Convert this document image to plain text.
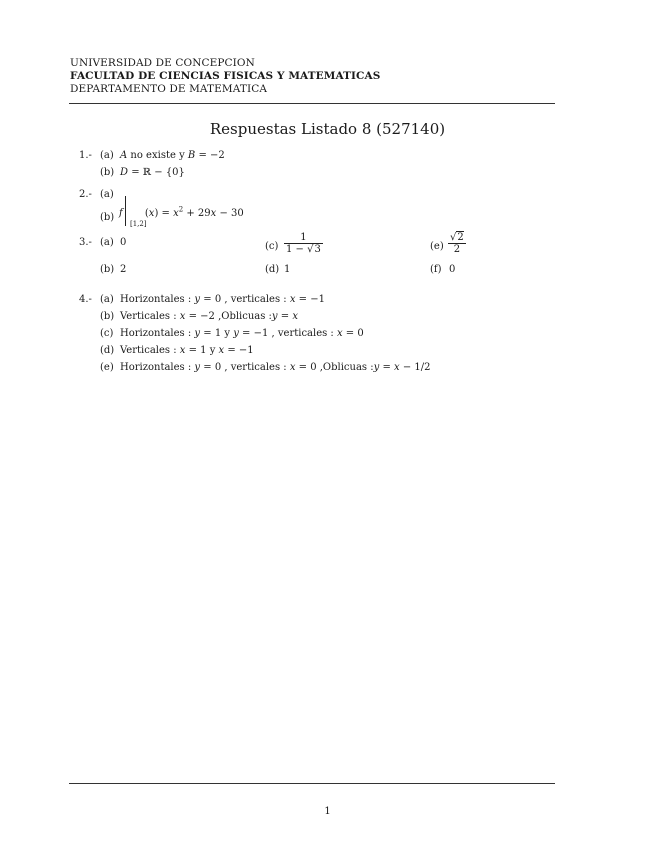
UNIVERSIDAD DE CONCEPCION
FACULTAD DE CIENCIAS FISICAS Y MATEMATICAS
DEPARTAMENTO DE MATEMATICA
Respuestas Listado 8 (527140)
1.- (a) A no existe y B = −2
(b) D = ℝ − {0}
2.- (a)
(b) f
[1,2]
$(x) = x^2 + 29x - 30$
3.- (a) 0	$(c) \frac{1}{1 - √3}$	$(e) \frac{√2}{2}$
(b) 2	(d) 1	(f) 0
4.- (a) Horizontales : y = 0 , verticales : x = −1
(b) Verticales : x = −2 ,Oblicuas :y = x
(c) Horizontales : y = 1 y y = −1 , verticales : x = 0
(d) Verticales : x = 1 y x = −1
(e) Horizontales : y = 0 , verticales : x = 0 ,Oblicuas :y = x − 1/2
1
